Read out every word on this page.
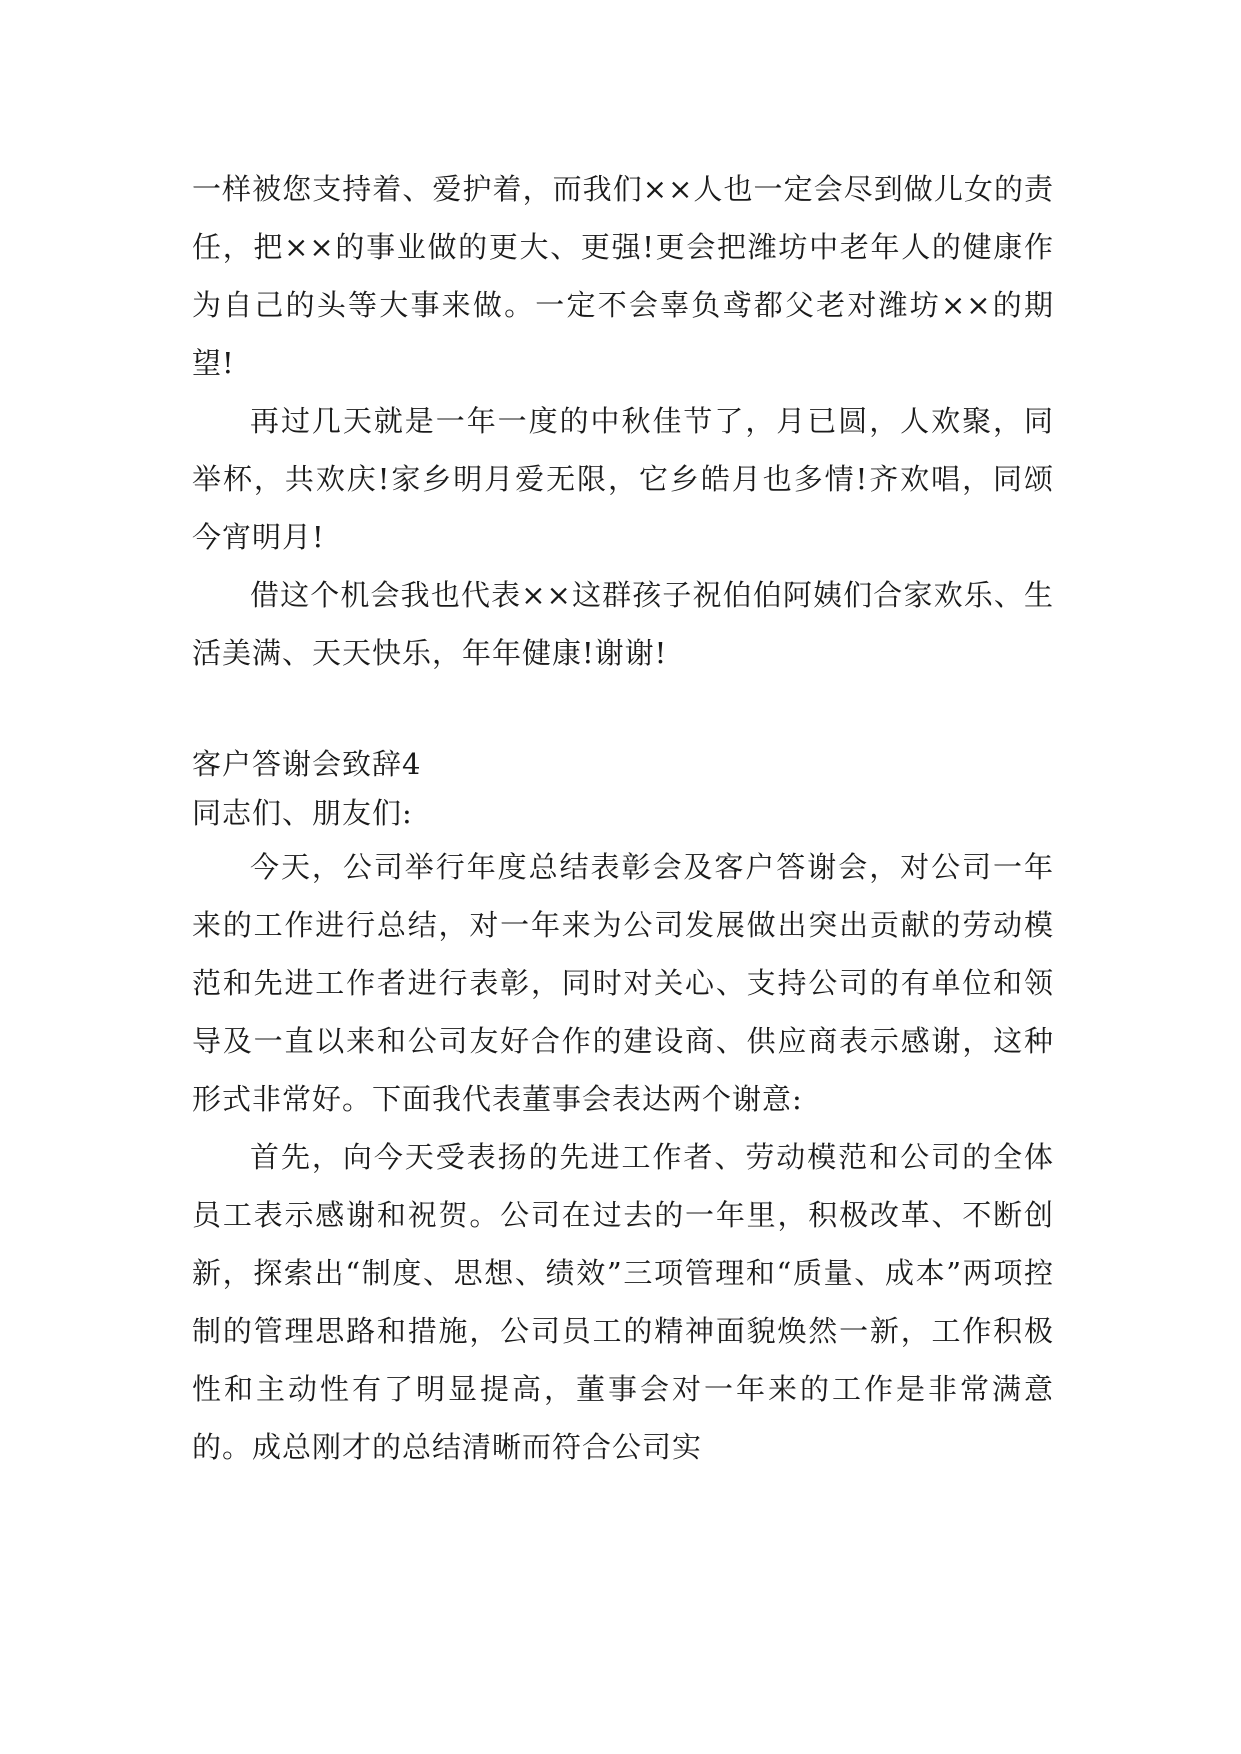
一样被您支持着、爱护着，而我们××人也一定会尽到做儿女的责任，把××的事业做的更大、更强!更会把潍坊中老年人的健康作为自己的头等大事来做。一定不会辜负鸢都父老对潍坊××的期望!

再过几天就是一年一度的中秋佳节了，月已圆，人欢聚，同举杯，共欢庆!家乡明月爱无限，它乡皓月也多情!齐欢唱，同颂今宵明月!

借这个机会我也代表××这群孩子祝伯伯阿姨们合家欢乐、生活美满、天天快乐，年年健康!谢谢!

客户答谢会致辞4

同志们、朋友们:

今天，公司举行年度总结表彰会及客户答谢会，对公司一年来的工作进行总结，对一年来为公司发展做出突出贡献的劳动模范和先进工作者进行表彰，同时对关心、支持公司的有单位和领导及一直以来和公司友好合作的建设商、供应商表示感谢，这种形式非常好。下面我代表董事会表达两个谢意:

首先，向今天受表扬的先进工作者、劳动模范和公司的全体员工表示感谢和祝贺。公司在过去的一年里，积极改革、不断创新，探索出“制度、思想、绩效”三项管理和“质量、成本”两项控制的管理思路和措施，公司员工的精神面貌焕然一新，工作积极性和主动性有了明显提高，董事会对一年来的工作是非常满意的。成总刚才的总结清晰而符合公司实
